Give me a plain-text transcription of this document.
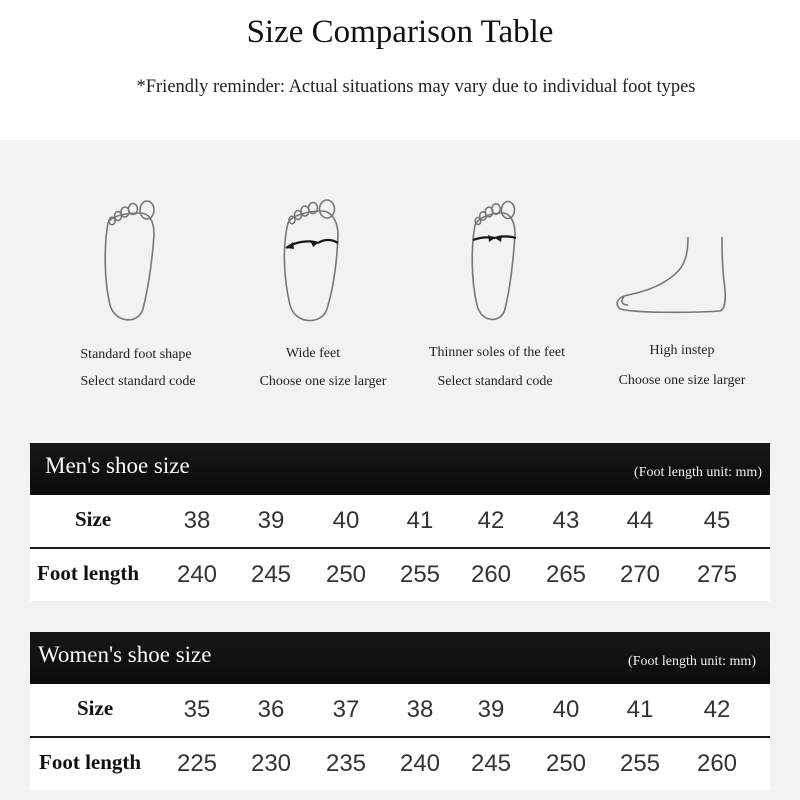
Size Comparison Table
*Friendly reminder: Actual situations may vary due to individual foot types
Standard foot shape
Select standard code
Wide feet
Choose one size larger
Thinner soles of the feet
Select standard code
High instep
Choose one size larger
Men's shoe size	(Foot length unit: mm)
Size	38	39	40	41	42	43	44	45
Foot length	240	245	250	255	260	265	270	275
Women's shoe size	(Foot length unit: mm)
Size	35	36	37	38	39	40	41	42
Foot length	225	230	235	240	245	250	255	260
